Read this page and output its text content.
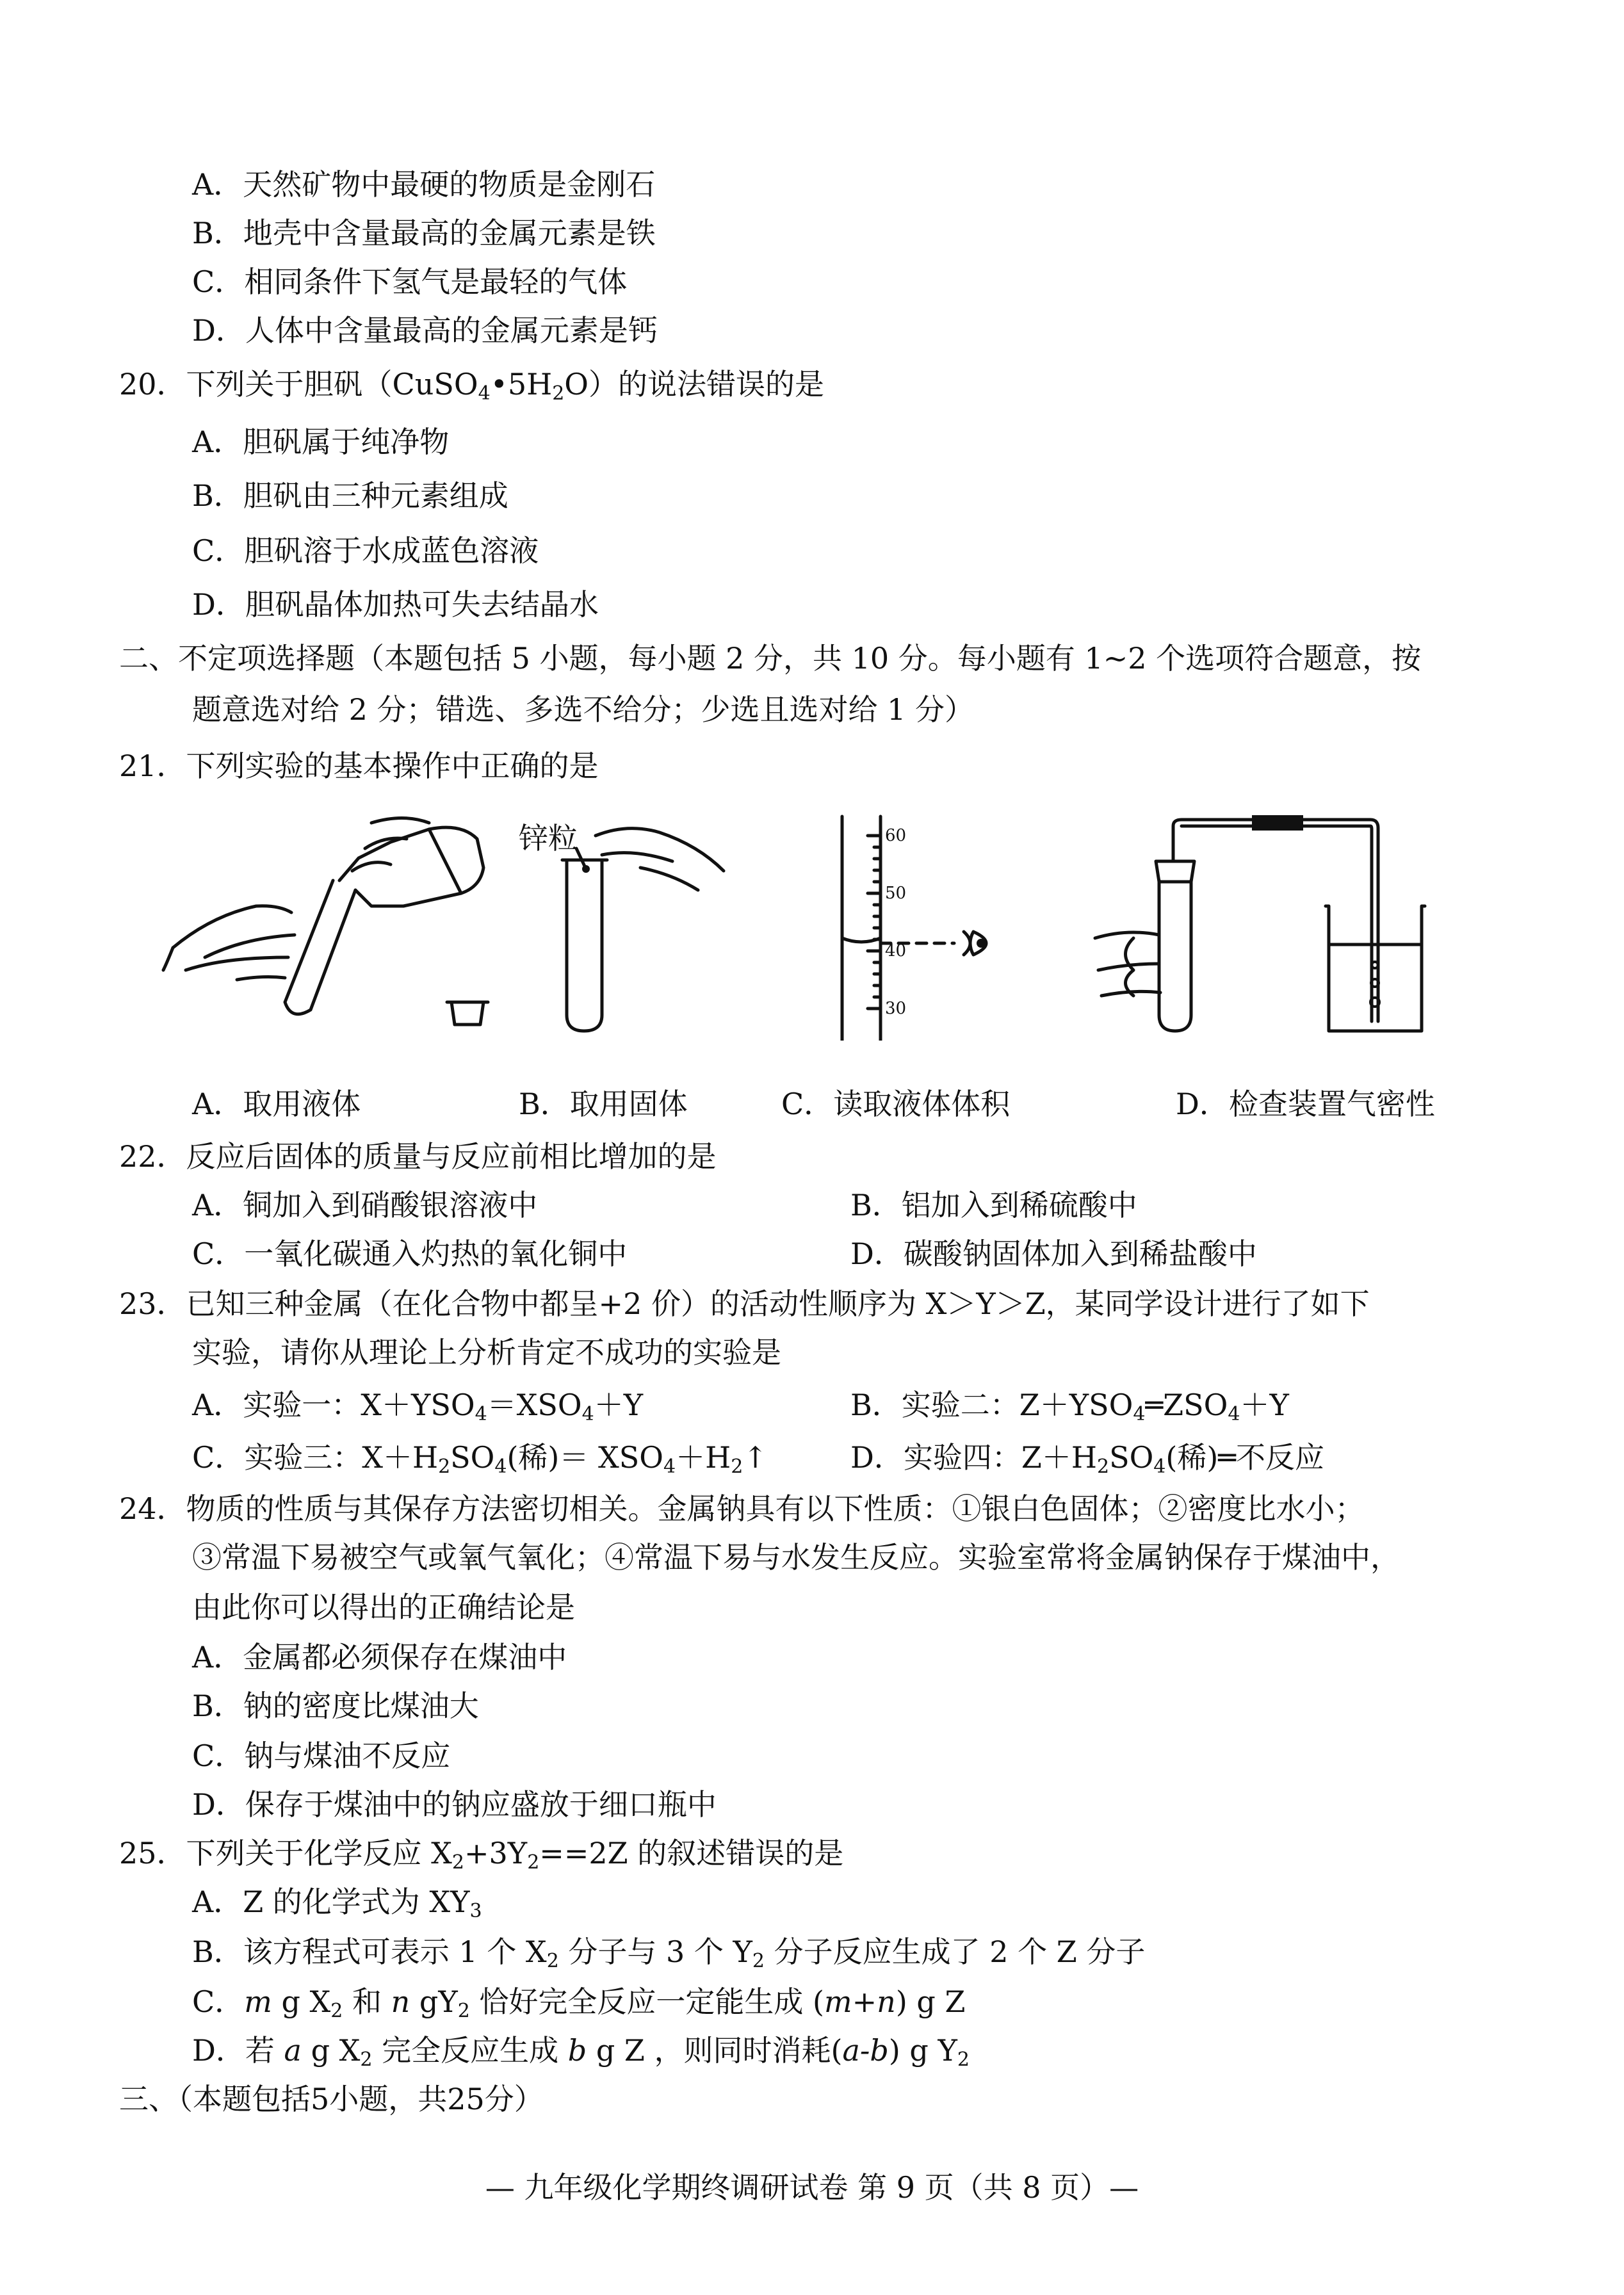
A．天然矿物中最硬的物质是金刚石
B．地壳中含量最高的金属元素是铁
C．相同条件下氢气是最轻的气体
D．人体中含量最高的金属元素是钙
20．下列关于胆矾$(CuSO_4•5H_2O)$的说法错误的是
A．胆矾属于纯净物
B．胆矾由三种元素组成
C．胆矾溶于水成蓝色溶液
D．胆矾晶体加热可失去结晶水
二、不定项选择题（本题包括 5 小题，每小题 2 分，共 10 分。每小题有 1~2 个选项符合题意，按
题意选对给 2 分；错选、多选不给分；少选且选对给 1 分）
21．下列实验的基本操作中正确的是
锌粒	60
50
40
30
A．取用液体	B．取用固体	C．读取液体体积	D．检查装置气密性
22．反应后固体的质量与反应前相比增加的是
A．铜加入到硝酸银溶液中	B．铝加入到稀硫酸中
C．一氧化碳通入灼热的氧化铜中	D．碳酸钠固体加入到稀盐酸中
23．已知三种金属（在化合物中都呈+2 价）的活动性顺序为 X＞Y＞Z，某同学设计进行了如下
实验，请你从理论上分析肯定不成功的实验是
A．实验一：$X+YSO_4=XSO_4+Y$	B．实验二：$Z+YSO_4═ZSO_4+Y$
C．实验三：$X+H_2SO_4$(稀)＝ $XSO_4+H_2↑$	D．实验四：$Z+H_2SO_4$(稀)═不反应
24．物质的性质与其保存方法密切相关。金属钠具有以下性质：①银白色固体；②密度比水小；
③常温下易被空气或氧气氧化；④常温下易与水发生反应。实验室常将金属钠保存于煤油中，
由此你可以得出的正确结论是
A．金属都必须保存在煤油中
B．钠的密度比煤油大
C．钠与煤油不反应
D．保存于煤油中的钠应盛放于细口瓶中
25．下列关于化学反应 $X_2+3Y_2==2Z$ 的叙述错误的是
A．Z 的化学式为 $XY_3$
B．该方程式可表示 1 个 $X_2$ 分子与 3 个 $Y_2$ 分子反应生成了 2 个 Z 分子
C．m g $X_2$ 和 n $gY_2$ 恰好完全反应一定能生成 (m+n) g Z
D．若 a g $X_2$ 完全反应生成 b g Z ，则同时消耗(a-b) g $Y_2$
三、（本题包括5小题，共25分）
— 九年级化学期终调研试卷 第 9 页（共 8 页）—
